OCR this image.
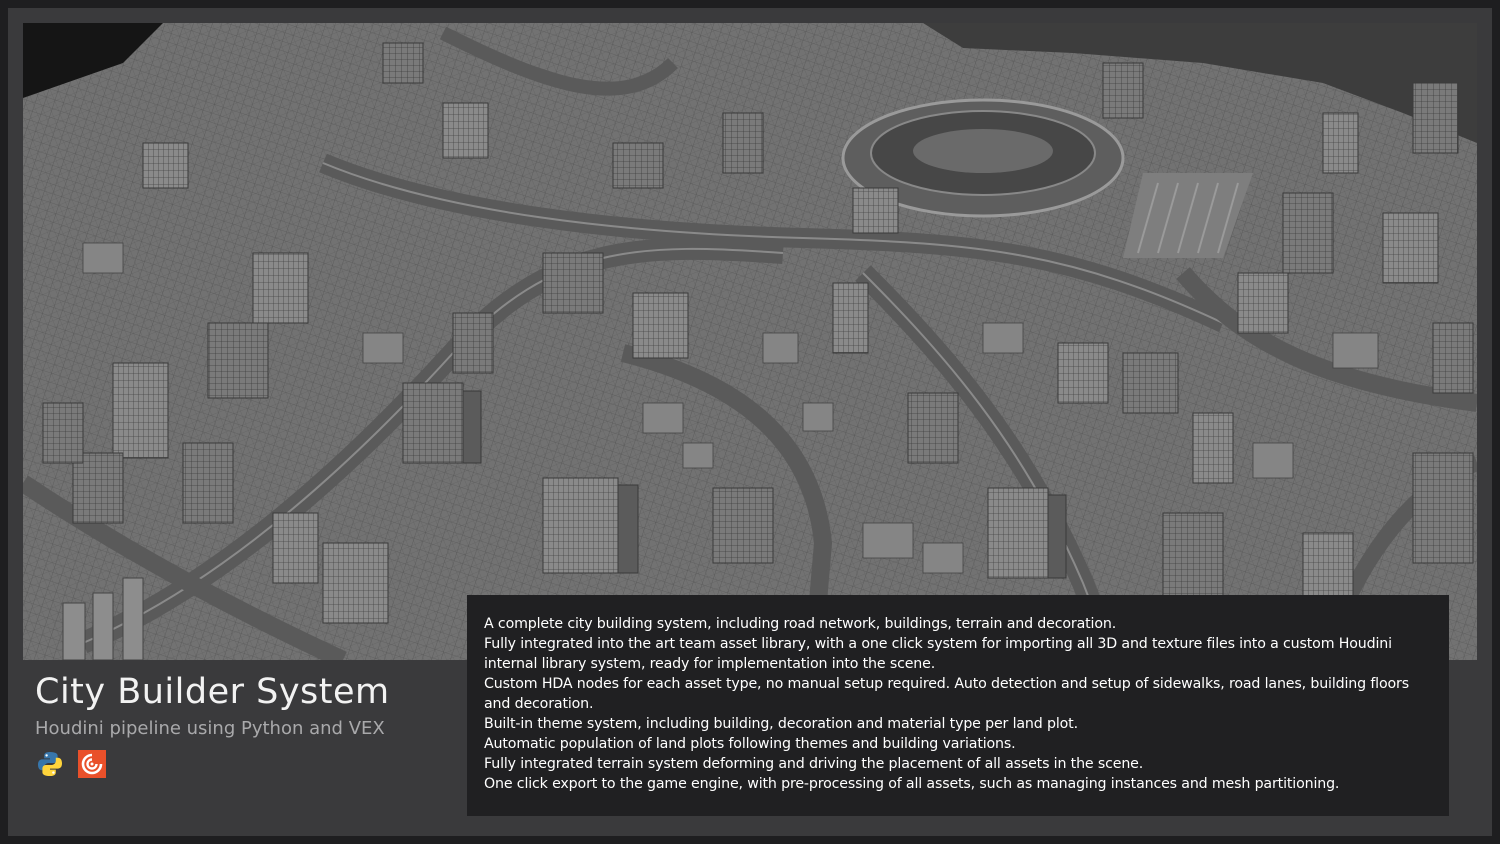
City Builder System
Houdini pipeline using Python and VEX
A complete city building system, including road network, buildings, terrain and decoration.
Fully integrated into the art team asset library, with a one click system for importing all 3D and texture files into a custom Houdini internal library system, ready for implementation into the scene.
Custom HDA nodes for each asset type, no manual setup required. Auto detection and setup of sidewalks, road lanes, building floors and decoration.
Built-in theme system, including building, decoration and material type per land plot.
Automatic population of land plots following themes and building variations.
Fully integrated terrain system deforming and driving the placement of all assets in the scene.
One click export to the game engine, with pre-processing of all assets, such as managing instances and mesh partitioning.
